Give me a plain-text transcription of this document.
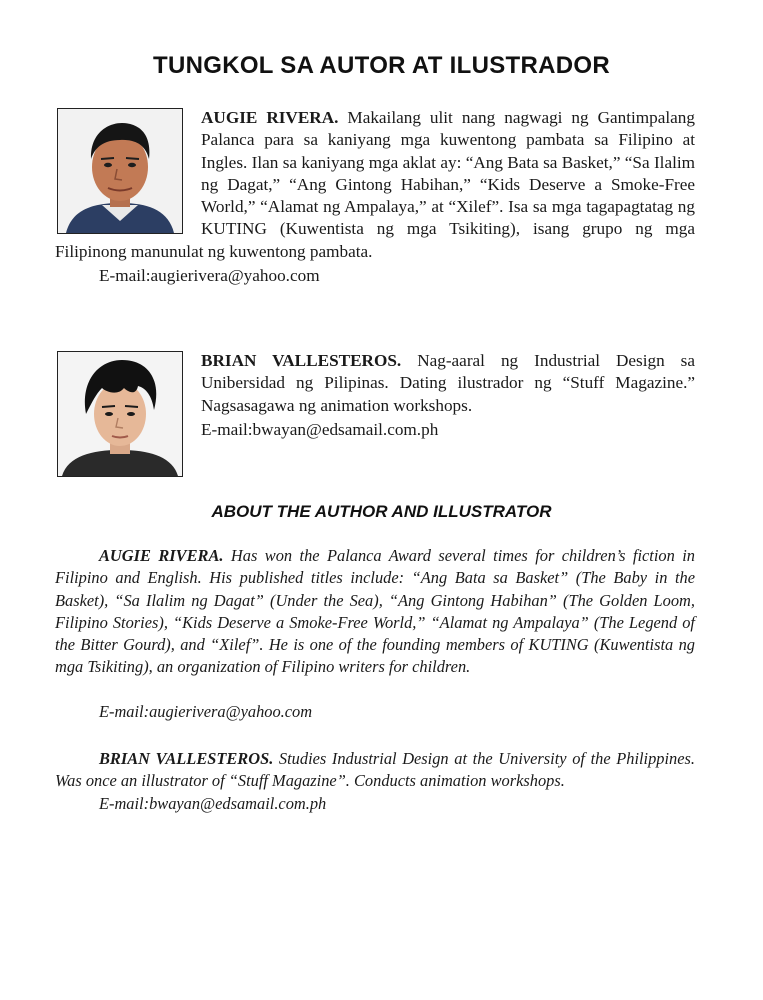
TUNGKOL SA AUTOR AT ILUSTRADOR
AUGIE RIVERA. Makailang ulit nang nagwagi ng Gantimpalang Palanca para sa kaniyang mga kuwentong pambata sa Filipino at Ingles. Ilan sa kaniyang mga aklat ay: “Ang Bata sa Basket,” “Sa Ilalim ng Dagat,” “Ang Gintong Habihan,” “Kids Deserve a Smoke-Free World,” “Alamat ng Ampalaya,” at “Xilef”. Isa sa mga tagapagtatag ng KUTING (Kuwentista ng mga Tsikiting), isang grupo ng mga Filipinong manunulat ng kuwentong pambata.
E-mail:augierivera@yahoo.com
BRIAN VALLESTEROS. Nag-aaral ng Industrial Design sa Unibersidad ng Pilipinas. Dating ilustrador ng “Stuff Magazine.” Nagsasagawa ng animation workshops.
E-mail:bwayan@edsamail.com.ph
ABOUT THE AUTHOR AND ILLUSTRATOR

AUGIE RIVERA. Has won the Palanca Award several times for children’s fiction in Filipino and English. His published titles include: “Ang Bata sa Basket” (The Baby in the Basket), “Sa Ilalim ng Dagat” (Under the Sea), “Ang Gintong Habihan” (The Golden Loom, Filipino Stories), “Kids Deserve a Smoke-Free World,” “Alamat ng Ampalaya” (The Legend of the Bitter Gourd), and “Xilef”. He is one of the founding members of KUTING (Kuwentista ng mga Tsikiting), an organization of Filipino writers for children.

E-mail:augierivera@yahoo.com

BRIAN VALLESTEROS. Studies Industrial Design at the University of the Philippines. Was once an illustrator of “Stuff Magazine”. Conducts animation workshops.

E-mail:bwayan@edsamail.com.ph
